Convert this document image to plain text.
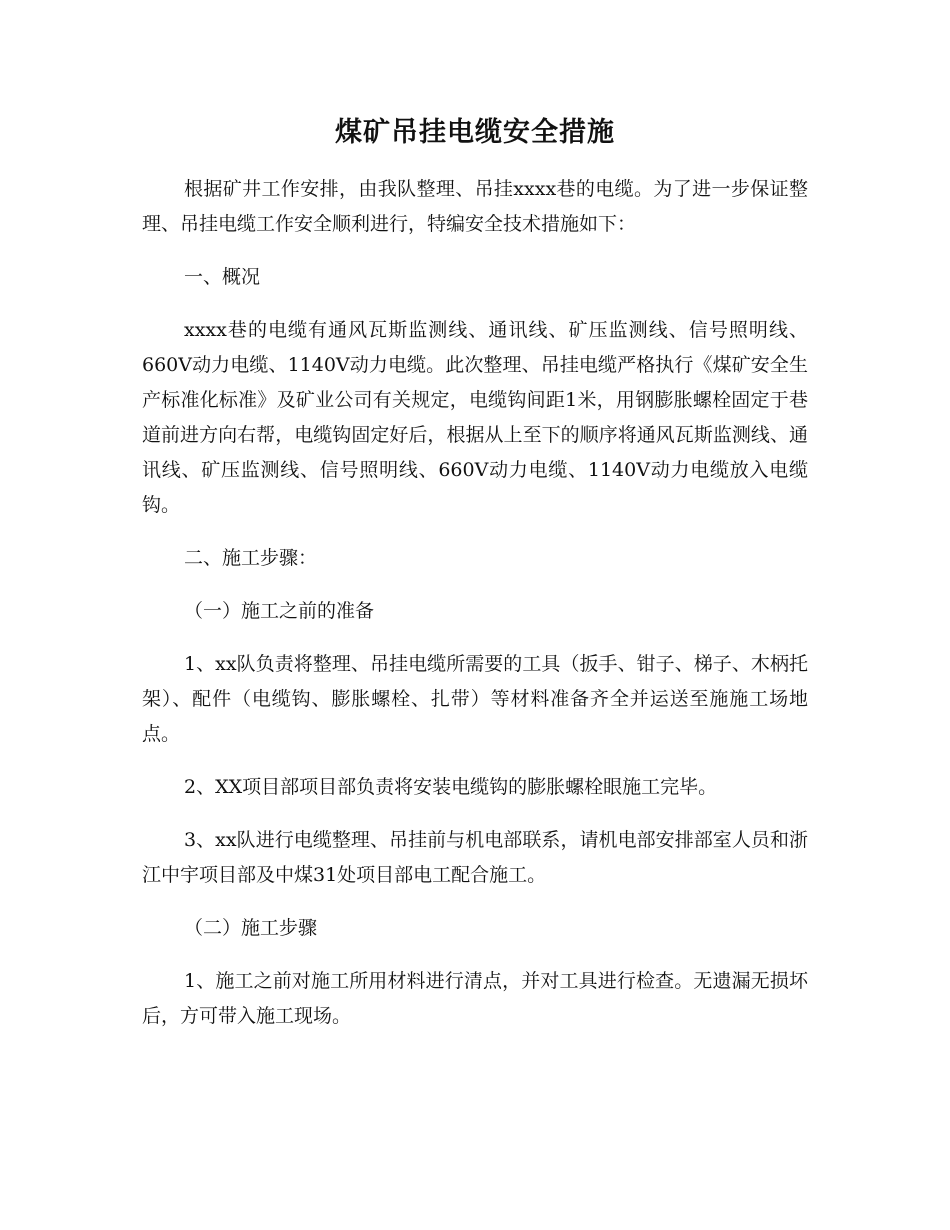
煤矿吊挂电缆安全措施

根据矿井工作安排，由我队整理、吊挂xxxx巷的电缆。为了进一步保证整理、吊挂电缆工作安全顺利进行，特编安全技术措施如下：

一、概况

xxxx巷的电缆有通风瓦斯监测线、通讯线、矿压监测线、信号照明线、660V动力电缆、1140V动力电缆。此次整理、吊挂电缆严格执行《煤矿安全生产标准化标准》及矿业公司有关规定，电缆钩间距1米，用钢膨胀螺栓固定于巷道前进方向右帮，电缆钩固定好后，根据从上至下的顺序将通风瓦斯监测线、通讯线、矿压监测线、信号照明线、660V动力电缆、1140V动力电缆放入电缆钩。

二、施工步骤：

（一）施工之前的准备

1、xx队负责将整理、吊挂电缆所需要的工具（扳手、钳子、梯子、木柄托架）、配件（电缆钩、膨胀螺栓、扎带）等材料准备齐全并运送至施施工场地点。

2、XX项目部项目部负责将安装电缆钩的膨胀螺栓眼施工完毕。

3、xx队进行电缆整理、吊挂前与机电部联系，请机电部安排部室人员和浙江中宇项目部及中煤31处项目部电工配合施工。

（二）施工步骤

1、施工之前对施工所用材料进行清点，并对工具进行检查。无遗漏无损坏后，方可带入施工现场。
